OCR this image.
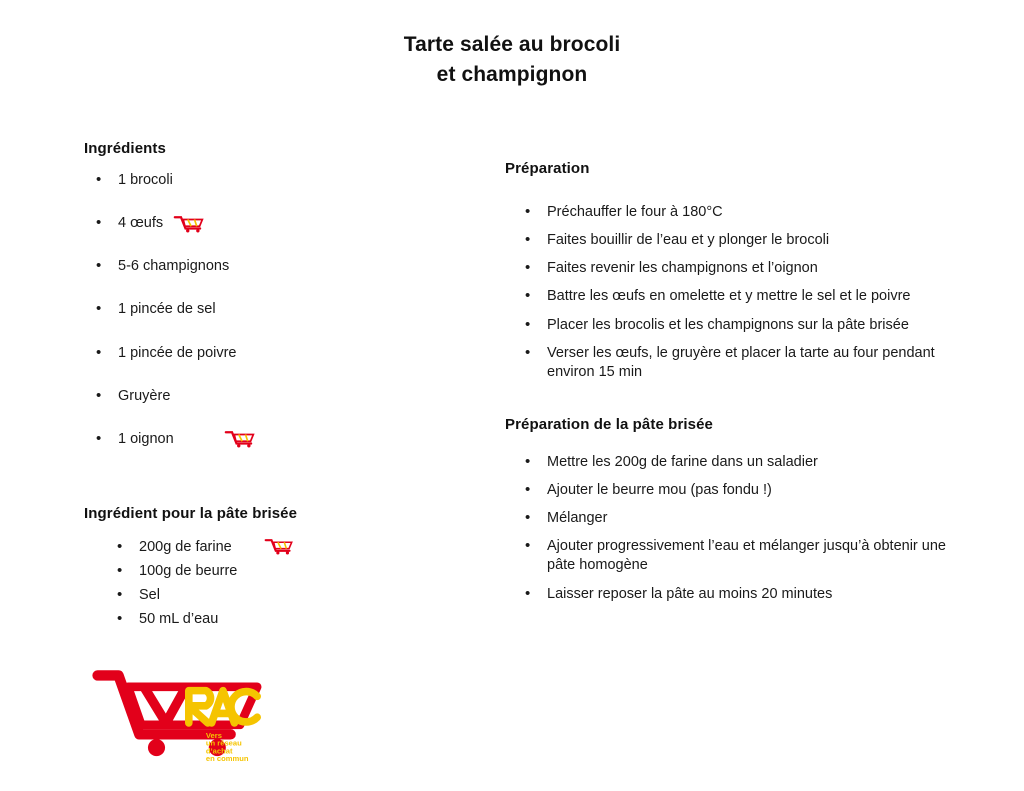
Tarte salée au brocoli
et champignon
Ingrédients
• 1 brocoli
• 4 œufs
• 5-6 champignons
• 1 pincée de sel
• 1 pincée de poivre
• Gruyère
• 1 oignon
Ingrédient pour la pâte brisée
• 200g de farine
• 100g de beurre
• Sel
• 50 mL d’eau
Préparation
• Préchauffer le four à 180°C
• Faites bouillir de l’eau et y plonger le brocoli
• Faites revenir les champignons et l’oignon
• Battre les œufs en omelette et y mettre le sel et le poivre
• Placer les brocolis et les champignons sur la pâte brisée
• Verser les œufs, le gruyère et placer la tarte au four pendant environ 15 min
Préparation de la pâte brisée
• Mettre les 200g de farine dans un saladier
• Ajouter le beurre mou (pas fondu !)
• Mélanger
• Ajouter progressivement l’eau et mélanger jusqu’à obtenir une pâte homogène
• Laisser reposer la pâte au moins 20 minutes
Vers
un réseau
d’achat
en commun
